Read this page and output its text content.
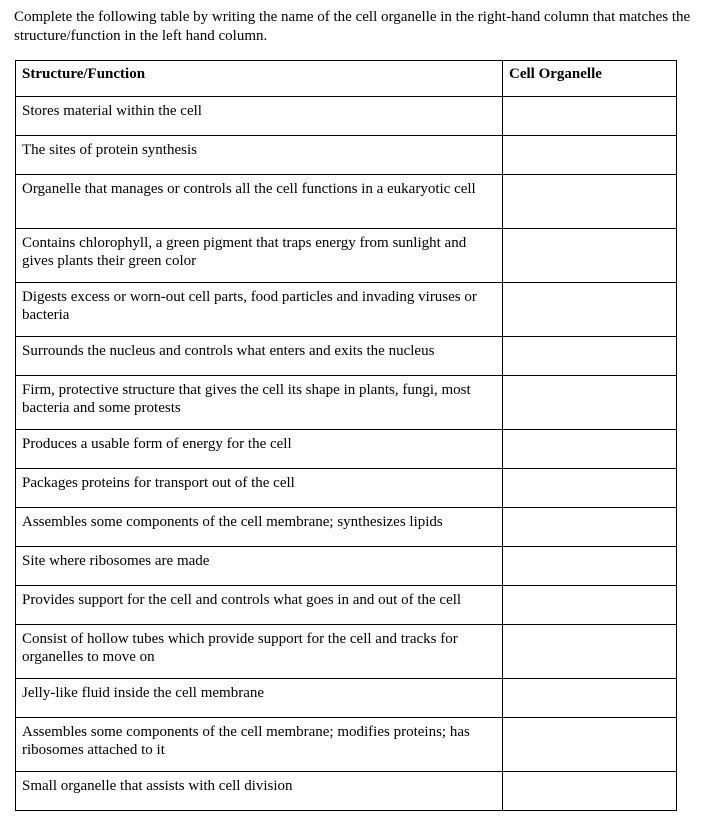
Complete the following table by writing the name of the cell organelle in the right-hand column that matches the structure/function in the left hand column.

Structure/Function	Cell Organelle
Stores material within the cell	
The sites of protein synthesis	
Organelle that manages or controls all the cell functions in a eukaryotic cell	
Contains chlorophyll, a green pigment that traps energy from sunlight and gives plants their green color	
Digests excess or worn-out cell parts, food particles and invading viruses or bacteria	
Surrounds the nucleus and controls what enters and exits the nucleus	
Firm, protective structure that gives the cell its shape in plants, fungi, most bacteria and some protests	
Produces a usable form of energy for the cell	
Packages proteins for transport out of the cell	
Assembles some components of the cell membrane; synthesizes lipids	
Site where ribosomes are made	
Provides support for the cell and controls what goes in and out of the cell	
Consist of hollow tubes which provide support for the cell and tracks for organelles to move on	
Jelly-like fluid inside the cell membrane	
Assembles some components of the cell membrane; modifies proteins; has ribosomes attached to it	
Small organelle that assists with cell division	
